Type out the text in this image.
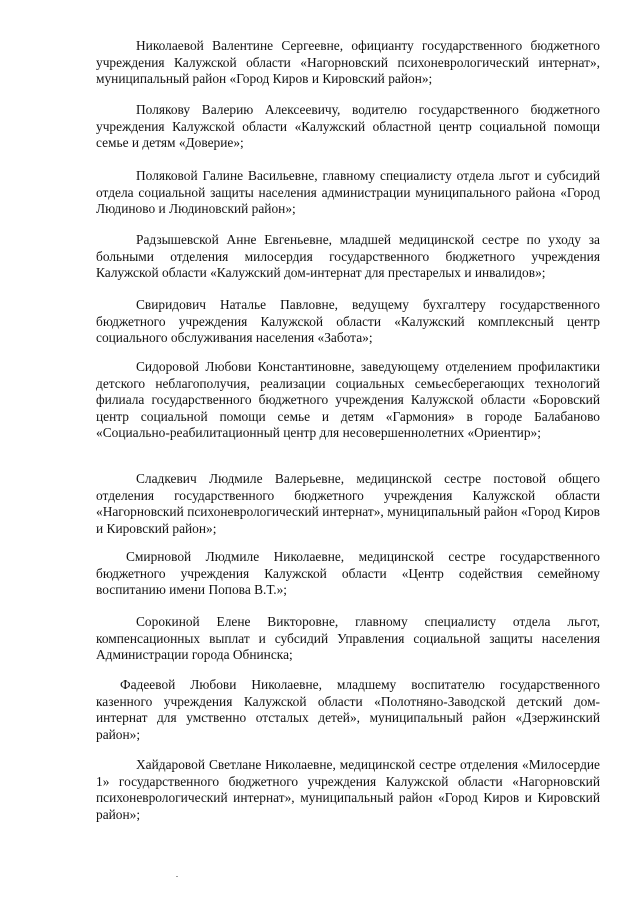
Николаевой Валентине Сергеевне, официанту государственного бюджетного учреждения Калужской области «Нагорновский психоневрологический интернат», муниципальный район «Город Киров и Кировский район»;

Полякову Валерию Алексеевичу, водителю государственного бюджетного учреждения Калужской области «Калужский областной центр социальной помощи семье и детям «Доверие»;

Поляковой Галине Васильевне, главному специалисту отдела льгот и субсидий отдела социальной защиты населения администрации муниципального района «Город Людиново и Людиновский район»;

Радзышевской Анне Евгеньевне, младшей медицинской сестре по уходу за больными отделения милосердия государственного бюджетного учреждения Калужской области «Калужский дом-интернат для престарелых и инвалидов»;

Свиридович Наталье Павловне, ведущему бухгалтеру государственного бюджетного учреждения Калужской области «Калужский комплексный центр социального обслуживания населения «Забота»;

Сидоровой Любови Константиновне, заведующему отделением профилактики детского неблагополучия, реализации социальных семьесберегающих технологий филиала государственного бюджетного учреждения Калужской области «Боровский центр социальной помощи семье и детям «Гармония» в городе Балабаново «Социально-реабилитационный центр для несовершеннолетних «Ориентир»;

Сладкевич Людмиле Валерьевне, медицинской сестре постовой общего отделения государственного бюджетного учреждения Калужской области «Нагорновский психоневрологический интернат», муниципальный район «Город Киров и Кировский район»;

Смирновой Людмиле Николаевне, медицинской сестре государственного бюджетного учреждения Калужской области «Центр содействия семейному воспитанию имени Попова В.Т.»;

Сорокиной Елене Викторовне, главному специалисту отдела льгот, компенсационных выплат и субсидий Управления социальной защиты населения Администрации города Обнинска;

Фадеевой Любови Николаевне, младшему воспитателю государственного казенного учреждения Калужской области «Полотняно-Заводской детский дом-интернат для умственно отсталых детей», муниципальный район «Дзержинский район»;

Хайдаровой Светлане Николаевне, медицинской сестре отделения «Милосердие 1» государственного бюджетного учреждения Калужской области «Нагорновский психоневрологический интернат», муниципальный район «Город Киров и Кировский район»;
